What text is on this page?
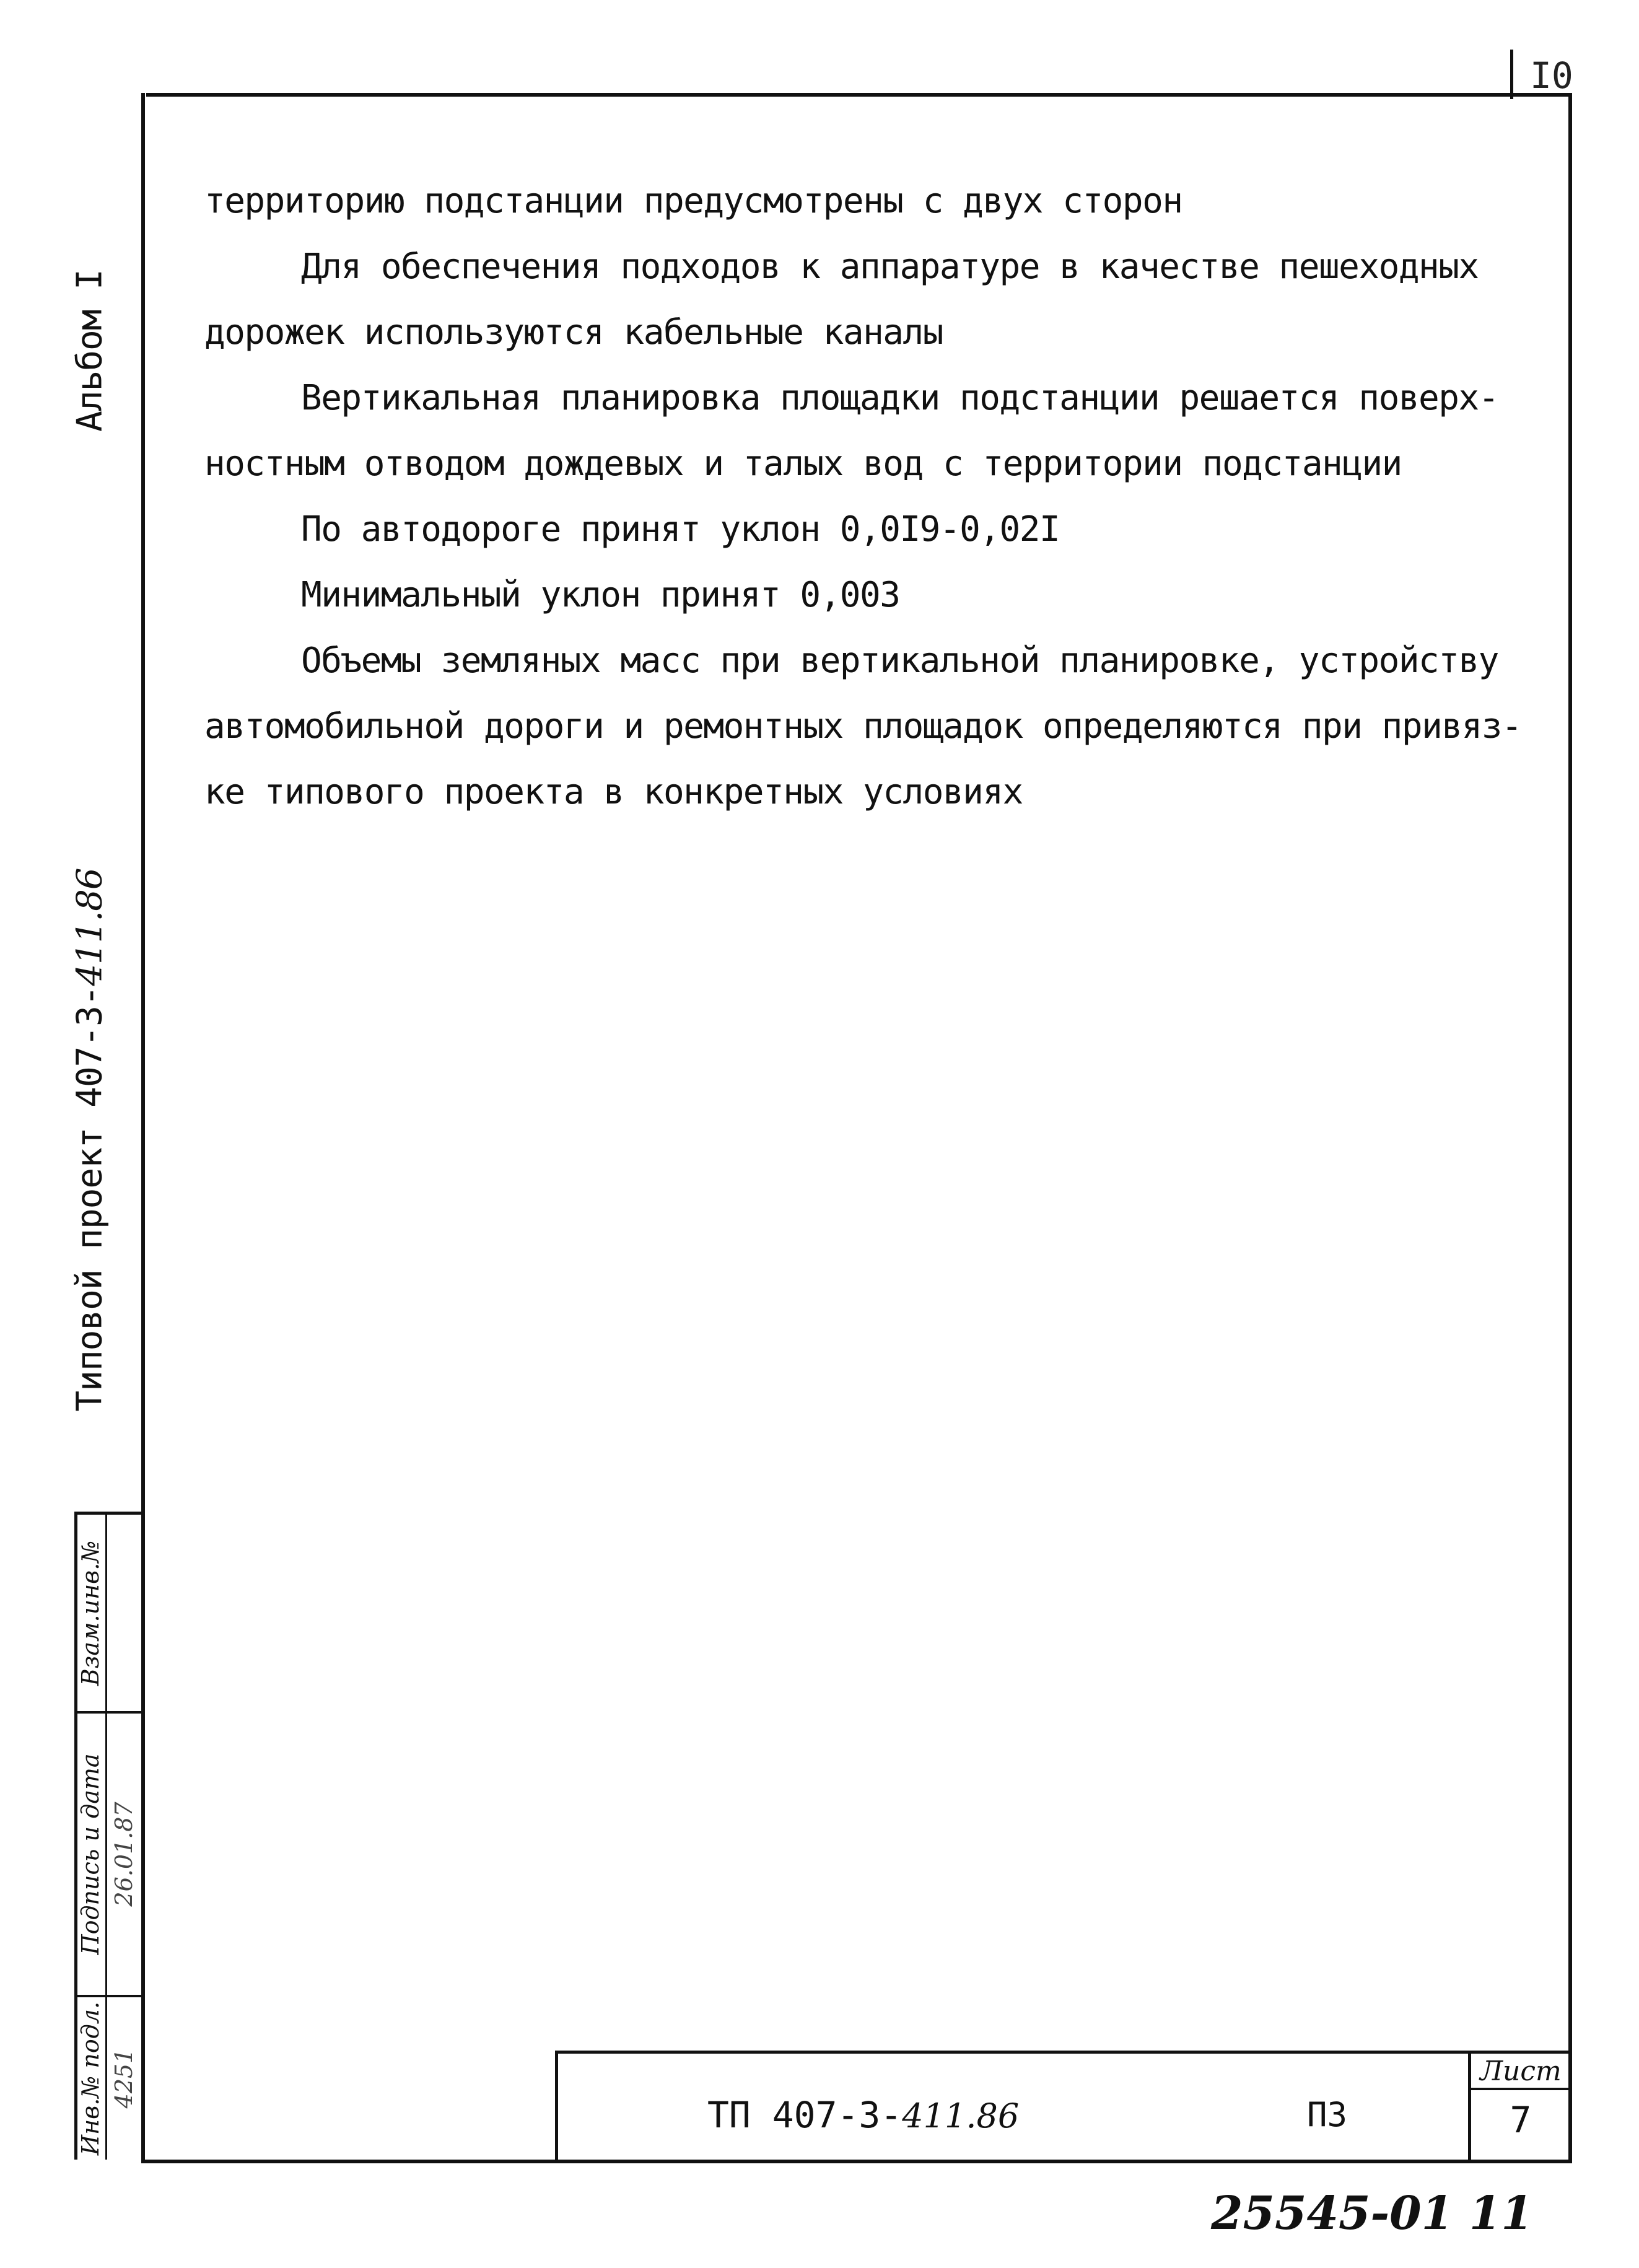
I0
Альбом I
Типовой проект 407-3-411.86

территорию подстанции предусмотрены с двух сторон

Для обеспечения подходов к аппаратуре в качестве пешеходных

дорожек используются кабельные каналы

Вертикальная планировка площадки подстанции решается поверх-

ностным отводом дождевых и талых вод с территории подстанции

По автодороге принят уклон 0,0I9-0,02I

Минимальный уклон принят 0,003

Объемы земляных масс при вертикальной планировке, устройству

автомобильной дороги и ремонтных площадок определяются при привяз-

ке типового проекта в конкретных условиях

Взам.инв.№
Подпись и дата 26.01.87
Инв.№ подл. 4251
ТП 407-3-411.86	ПЗ
Лист
7
25545-01 11
